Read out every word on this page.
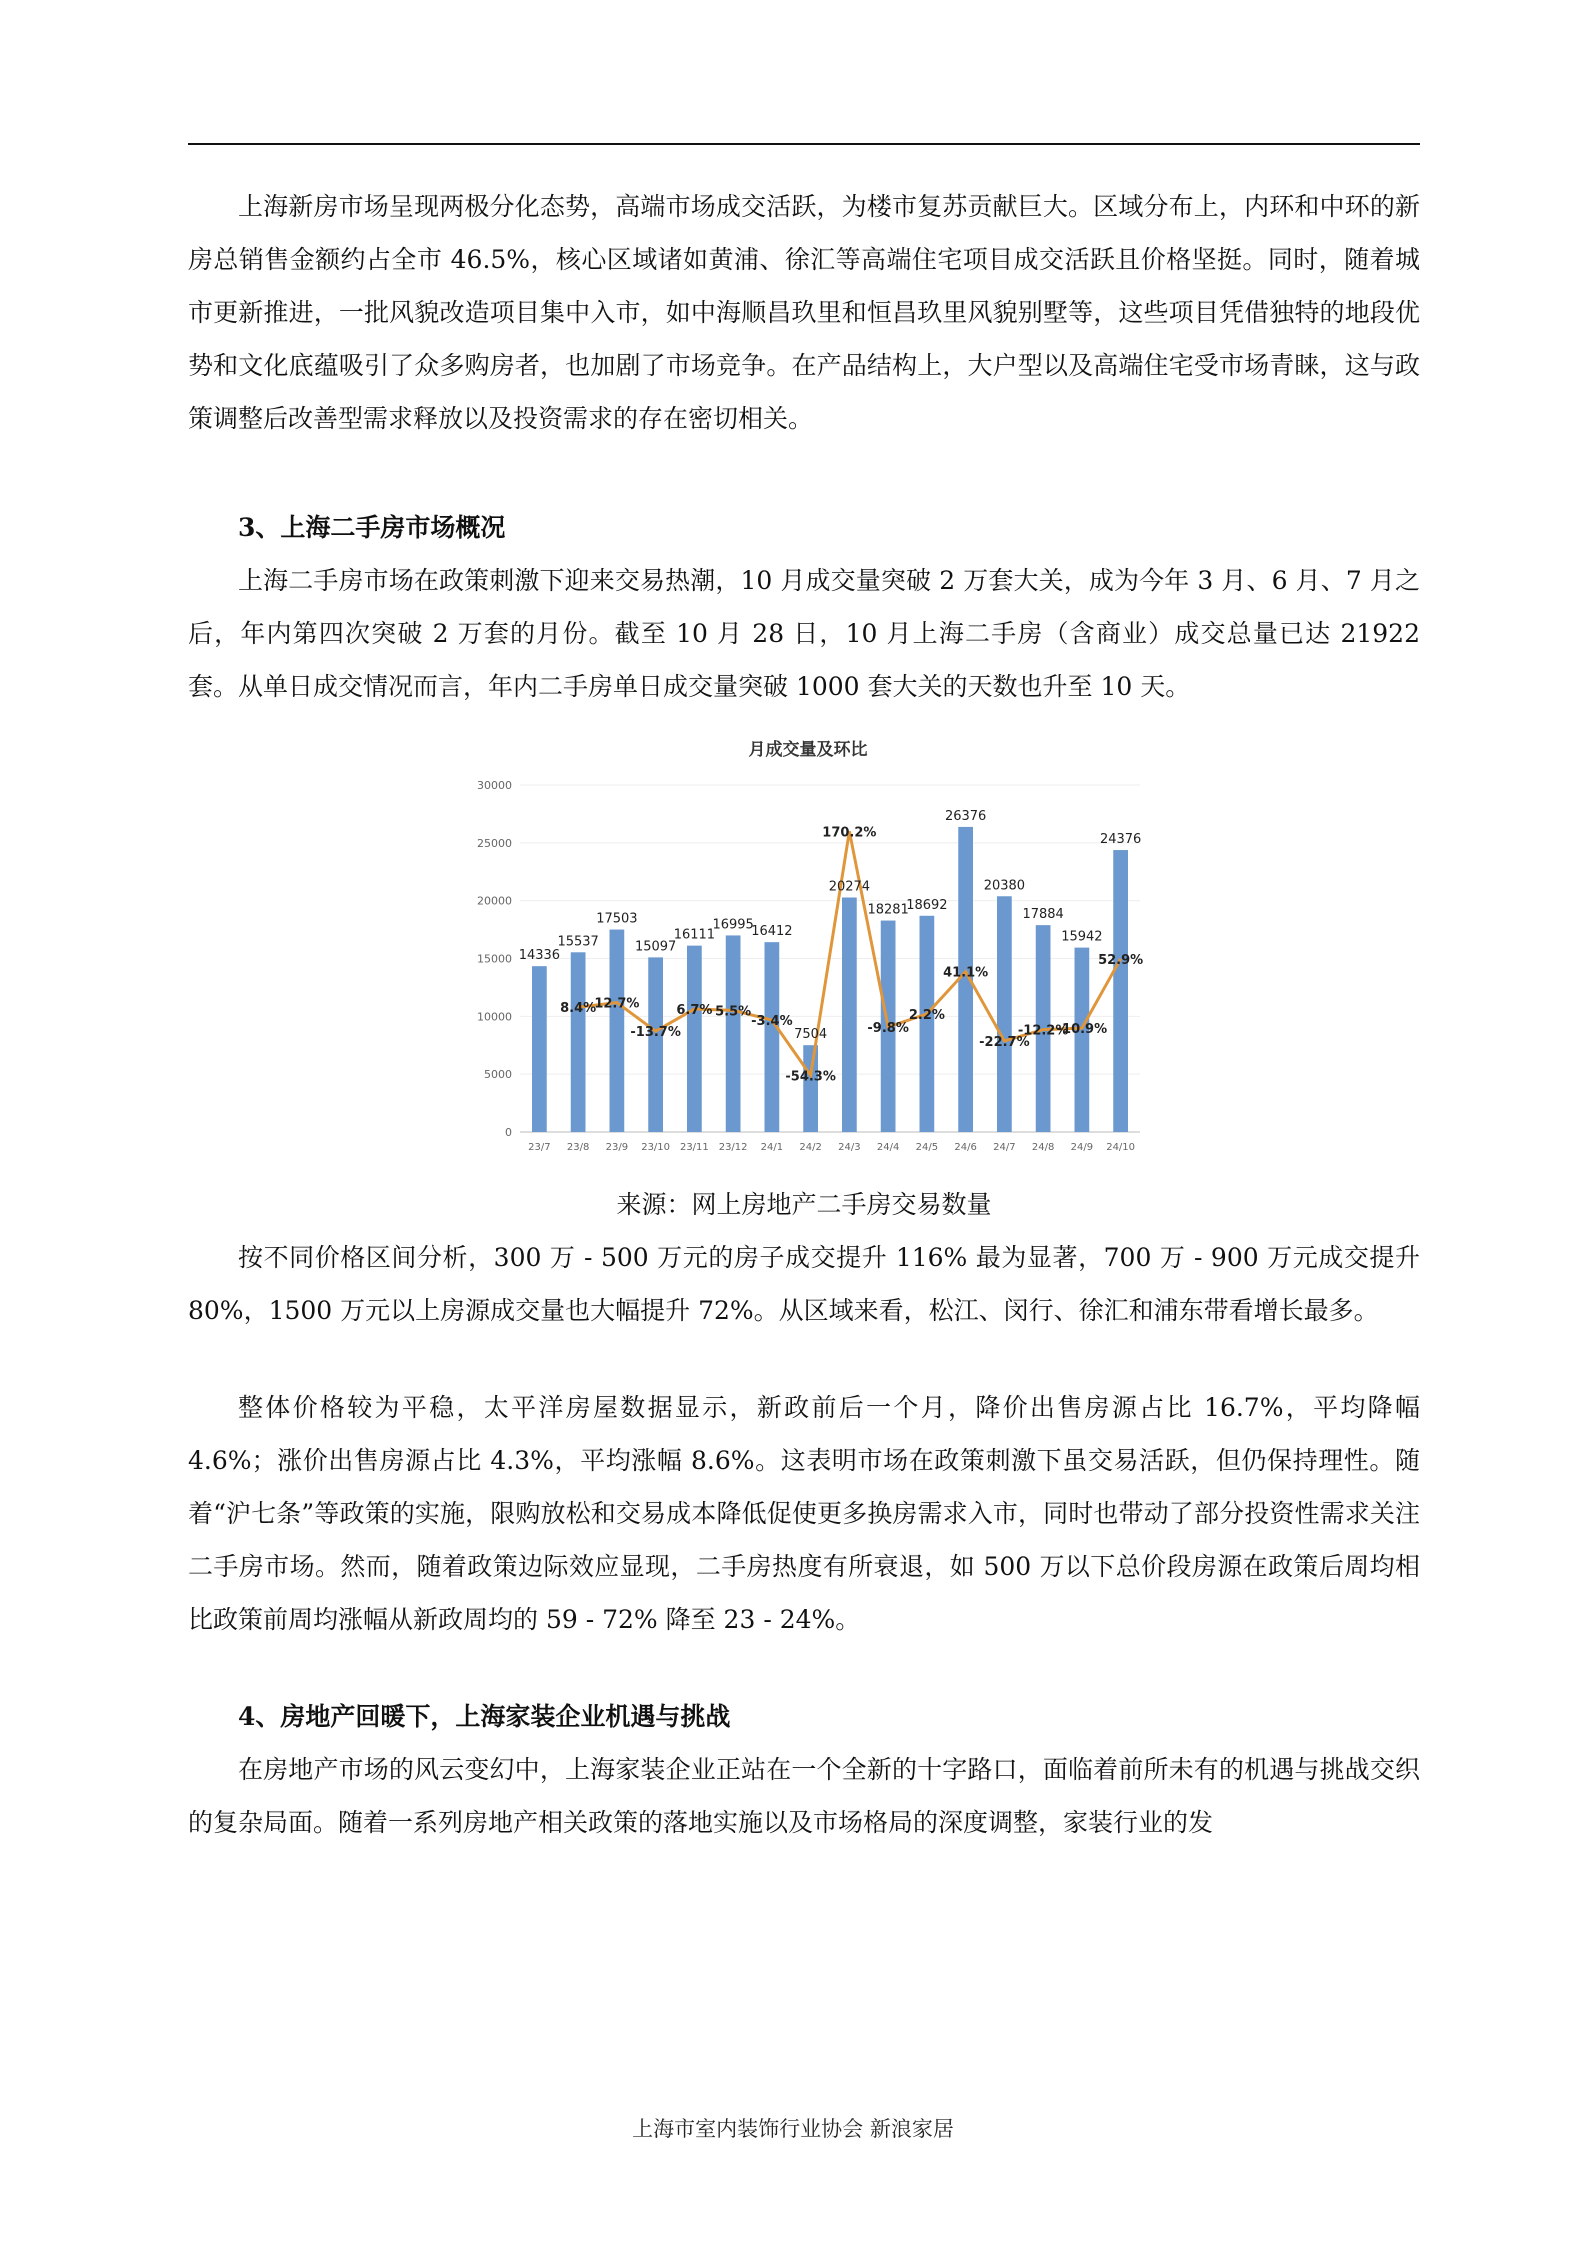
上海新房市场呈现两极分化态势，高端市场成交活跃，为楼市复苏贡献巨大。区域分布上，内环和中环的新房总销售金额约占全市 46.5%，核心区域诸如黄浦、徐汇等高端住宅项目成交活跃且价格坚挺。同时，随着城市更新推进，一批风貌改造项目集中入市，如中海顺昌玖里和恒昌玖里风貌别墅等，这些项目凭借独特的地段优势和文化底蕴吸引了众多购房者，也加剧了市场竞争。在产品结构上，大户型以及高端住宅受市场青睐，这与政策调整后改善型需求释放以及投资需求的存在密切相关。

3、上海二手房市场概况

上海二手房市场在政策刺激下迎来交易热潮，10 月成交量突破 2 万套大关，成为今年 3 月、6 月、7 月之后，年内第四次突破 2 万套的月份。截至 10 月 28 日，10 月上海二手房（含商业）成交总量已达 21922 套。从单日成交情况而言，年内二手房单日成交量突破 1000 套大关的天数也升至 10 天。

月成交量及环比
14336
15537
17503
15097
16111
16995
16412
7504
20274
18281
18692
26376
20380
17884
15942
24376
8.4%
12.7%
-13.7%
6.7% 5.5%
-3.4%
-54.3%
170.2%
-9.8%
2.2%
41.1%
-22.7%
-12.2%
-10.9%
52.9%
0
5000
10000
15000
20000
25000
30000
23/7 23/8 23/9 23/10 23/11 23/12 24/1 24/2 24/3 24/4 24/5 24/6 24/7 24/8 24/9 24/10

来源：网上房地产二手房交易数量

按不同价格区间分析，300 万 - 500 万元的房子成交提升 116% 最为显著，700 万 - 900 万元成交提升 80%，1500 万元以上房源成交量也大幅提升 72%。从区域来看，松江、闵行、徐汇和浦东带看增长最多。

整体价格较为平稳，太平洋房屋数据显示，新政前后一个月，降价出售房源占比 16.7%，平均降幅 4.6%；涨价出售房源占比 4.3%，平均涨幅 8.6%。这表明市场在政策刺激下虽交易活跃，但仍保持理性。随着“沪七条”等政策的实施，限购放松和交易成本降低促使更多换房需求入市，同时也带动了部分投资性需求关注二手房市场。然而，随着政策边际效应显现，二手房热度有所衰退，如 500 万以下总价段房源在政策后周均相比政策前周均涨幅从新政周均的 59 - 72% 降至 23 - 24%。

4、房地产回暖下，上海家装企业机遇与挑战

在房地产市场的风云变幻中，上海家装企业正站在一个全新的十字路口，面临着前所未有的机遇与挑战交织的复杂局面。随着一系列房地产相关政策的落地实施以及市场格局的深度调整，家装行业的发

上海市室内装饰行业协会 新浪家居
